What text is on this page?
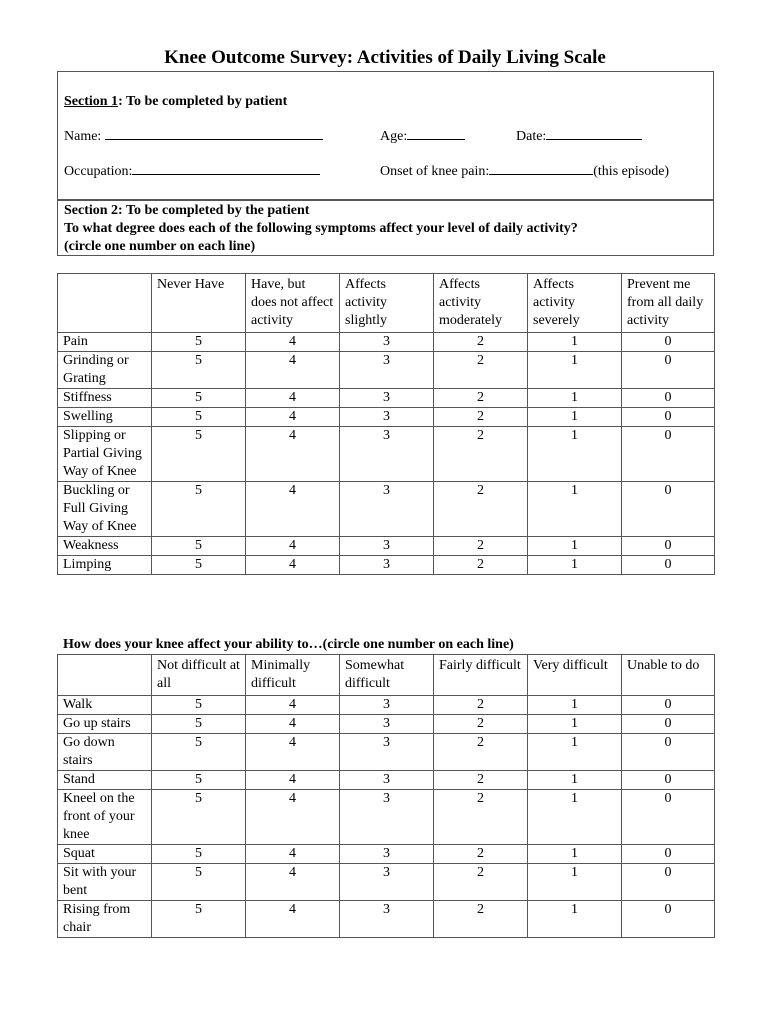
Knee Outcome Survey: Activities of Daily Living Scale
Section 1: To be completed by patient
Name:	Age:	Date:
Occupation:	Onset of knee pain:	(this episode)
Section 2: To be completed by the patient
To what degree does each of the following symptoms affect your level of daily activity?
(circle one number on each line)
	Never Have	Have, but does not affect activity	Affects activity slightly	Affects activity moderately	Affects activity severely	Prevent me from all daily activity
Pain	5	4	3	2	1	0
Grinding or Grating	5	4	3	2	1	0
Stiffness	5	4	3	2	1	0
Swelling	5	4	3	2	1	0
Slipping or Partial Giving Way of Knee	5	4	3	2	1	0
Buckling or Full Giving Way of Knee	5	4	3	2	1	0
Weakness	5	4	3	2	1	0
Limping	5	4	3	2	1	0
How does your knee affect your ability to…(circle one number on each line)
	Not difficult at all	Minimally difficult	Somewhat difficult	Fairly difficult	Very difficult	Unable to do
Walk	5	4	3	2	1	0
Go up stairs	5	4	3	2	1	0
Go down stairs	5	4	3	2	1	0
Stand	5	4	3	2	1	0
Kneel on the front of your knee	5	4	3	2	1	0
Squat	5	4	3	2	1	0
Sit with your bent	5	4	3	2	1	0
Rising from chair	5	4	3	2	1	0
